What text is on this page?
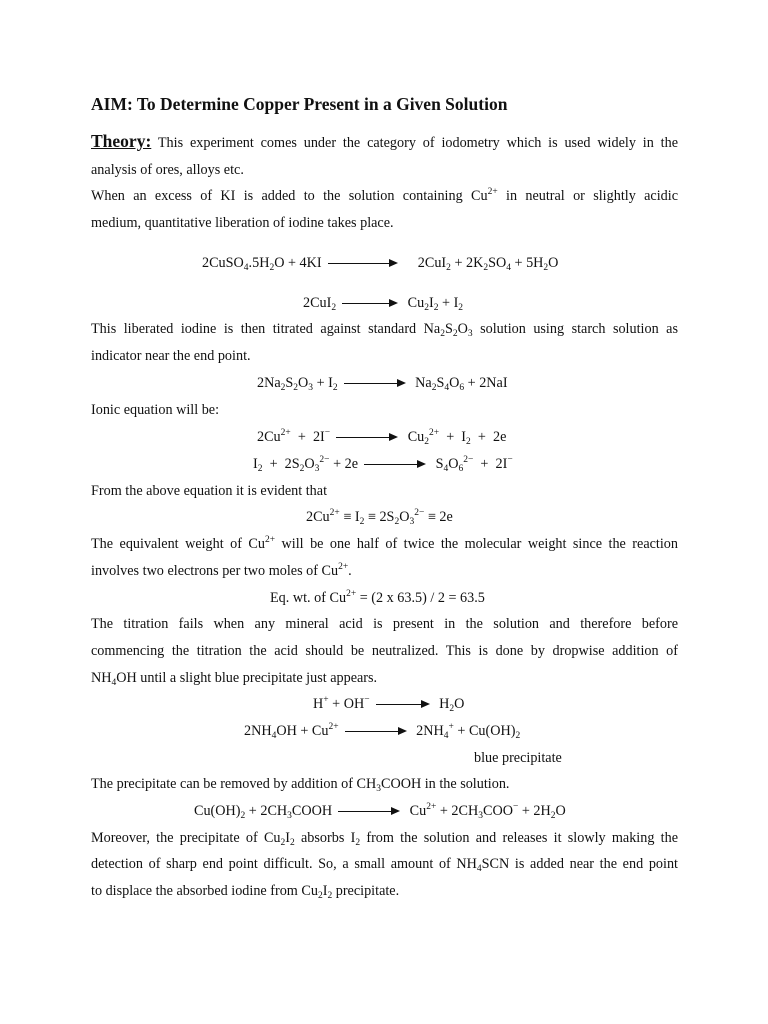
AIM: To Determine Copper Present in a Given Solution
Theory: This experiment comes under the category of iodometry which is used widely in the
analysis of ores, alloys etc.
When an excess of KI is added to the solution containing $Cu^{2+}$ in neutral or slightly acidic
medium, quantitative liberation of iodine takes place.
$2CuSO_4.5H_2O + 4KI$	$2CuI_2 + 2K_2SO_4 + 5H_2O$
2CuI$_2$	$Cu_2I_2 + I_2$
This liberated iodine is then titrated against standard $Na_2S_2O_3$ solution using starch solution as
indicator near the end point.
$2Na_2S_2O_3 + I_2$	$Na_2S_4O_6 + 2NaI$
Ionic equation will be:
$2Cu^{2+} + 2I^-$	$Cu_2^{2+} + I_2 + 2e$
$I_2 + 2S_2O_3^{2-} + 2e$	$S_4O_6^{2-} + 2I^-$
From the above equation it is evident that
$2Cu^{2+} \equiv I_2 \equiv 2S_2O_3^{2-} \equiv 2e$
The equivalent weight of $Cu^{2+}$ will be one half of twice the molecular weight since the reaction
involves two electrons per two moles of $Cu^{2+}$.
Eq. wt. of $Cu^{2+} = (2$ x 63.5) / 2 = 63.5
The titration fails when any mineral acid is present in the solution and therefore before
commencing the titration the acid should be neutralized. This is done by dropwise addition of
$NH_4OH$ until a slight blue precipitate just appears.
H+ + OH−	$H_2O$
$2NH_4OH + Cu^{2+}$	$2NH_4^+ + Cu(OH)_2$
blue precipitate
The precipitate can be removed by addition of $CH_3COOH$ in the solution.
$Cu(OH)_2$ + $2CH_3COOH$	$Cu^{2+} + 2CH_3COO^- + 2H_2O$
Moreover, the precipitate of $Cu_2I_2$ absorbs $I_2$ from the solution and releases it slowly making the
detection of sharp end point difficult. So, a small amount of $NH_4SCN$ is added near the end point
to displace the absorbed iodine from $Cu_2I_2$ precipitate.
